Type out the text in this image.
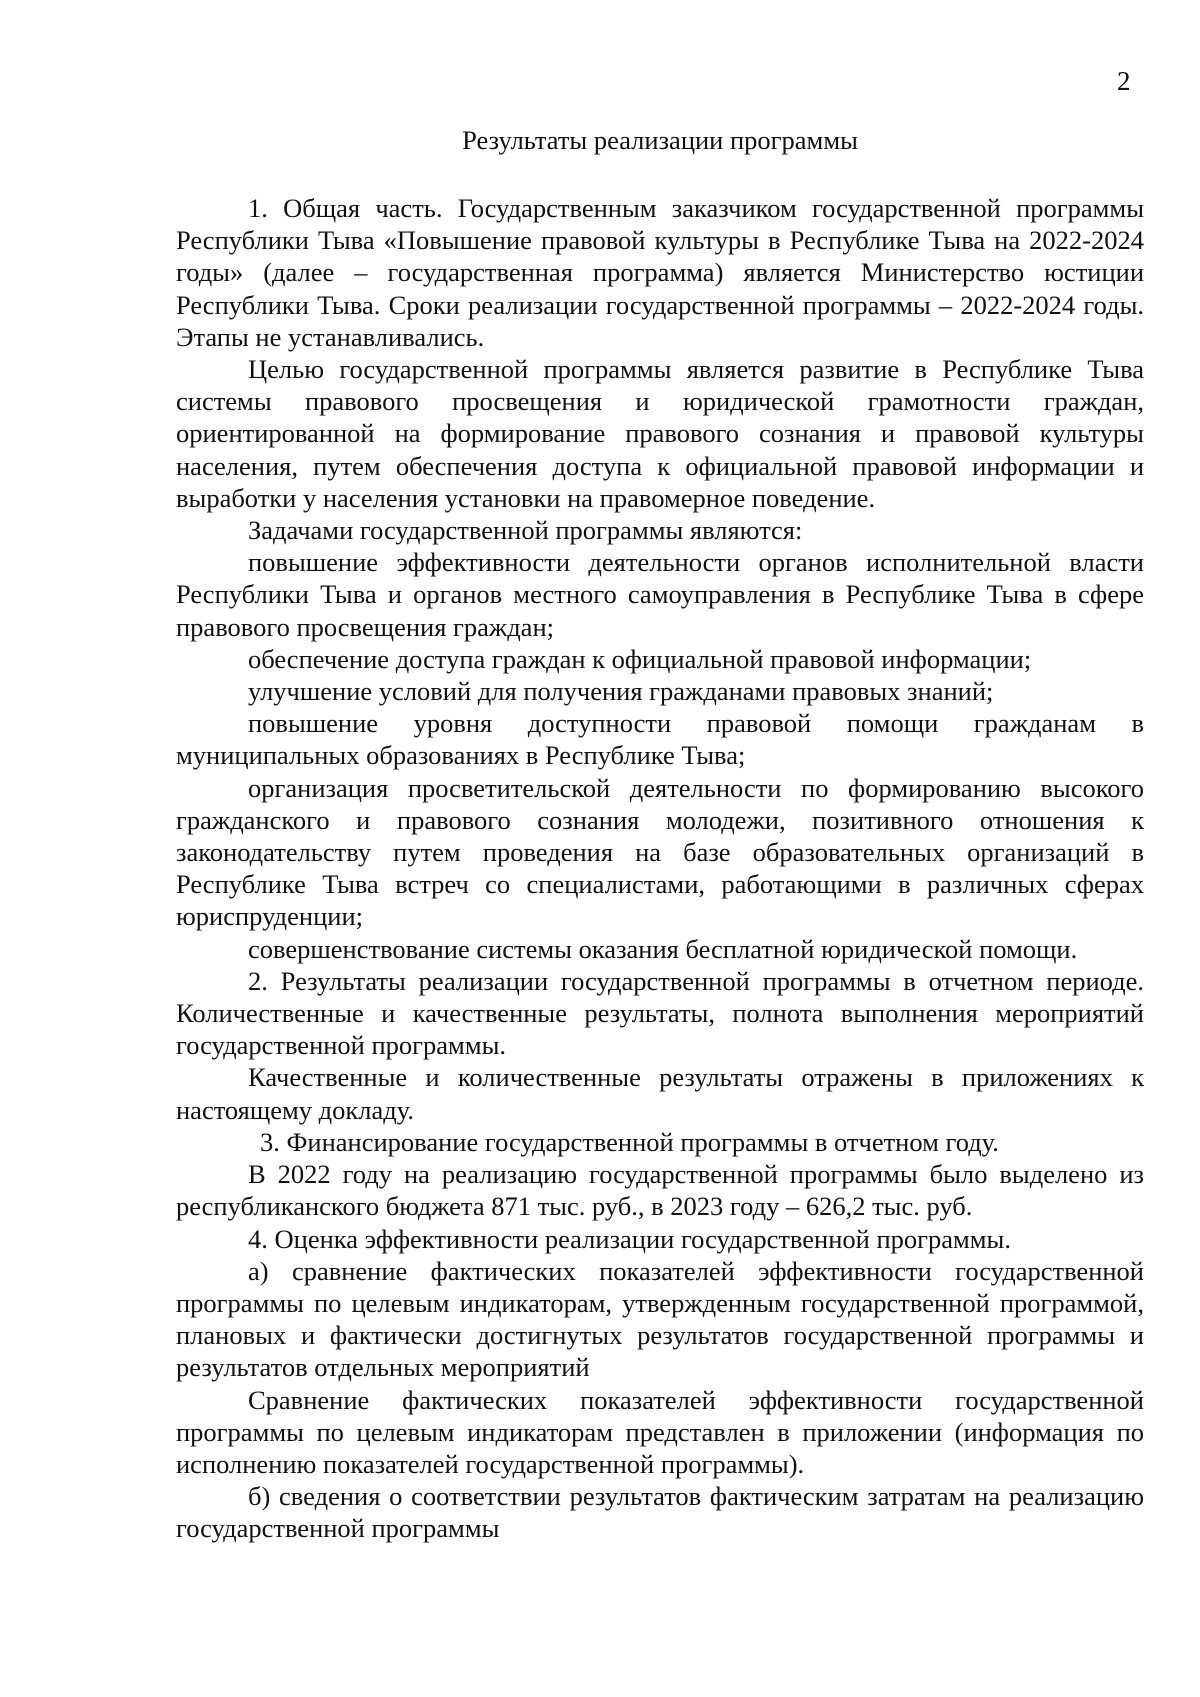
2
Результаты реализации программы

1. Общая часть. Государственным заказчиком государственной программы Республики Тыва «Повышение правовой культуры в Республике Тыва на 2022-2024 годы» (далее – государственная программа) является Министерство юстиции Республики Тыва. Сроки реализации государственной программы – 2022-2024 годы. Этапы не устанавливались.

Целью государственной программы является развитие в Республике Тыва системы правового просвещения и юридической грамотности граждан, ориентированной на формирование правового сознания и правовой культуры населения, путем обеспечения доступа к официальной правовой информации и выработки у населения установки на правомерное поведение.

Задачами государственной программы являются:

повышение эффективности деятельности органов исполнительной власти Республики Тыва и органов местного самоуправления в Республике Тыва в сфере правового просвещения граждан;

обеспечение доступа граждан к официальной правовой информации;

улучшение условий для получения гражданами правовых знаний;

повышение уровня доступности правовой помощи гражданам в муниципальных образованиях в Республике Тыва;

организация просветительской деятельности по формированию высокого гражданского и правового сознания молодежи, позитивного отношения к законодательству путем проведения на базе образовательных организаций в Республике Тыва встреч со специалистами, работающими в различных сферах юриспруденции;

совершенствование системы оказания бесплатной юридической помощи.

2. Результаты реализации государственной программы в отчетном периоде. Количественные и качественные результаты, полнота выполнения мероприятий государственной программы.

Качественные и количественные результаты отражены в приложениях к настоящему докладу.

3. Финансирование государственной программы в отчетном году.

В 2022 году на реализацию государственной программы было выделено из республиканского бюджета 871 тыс. руб., в 2023 году – 626,2 тыс. руб.

4. Оценка эффективности реализации государственной программы.

а) сравнение фактических показателей эффективности государственной программы по целевым индикаторам, утвержденным государственной программой, плановых и фактически достигнутых результатов государственной программы и результатов отдельных мероприятий

Сравнение фактических показателей эффективности государственной программы по целевым индикаторам представлен в приложении (информация по исполнению показателей государственной программы).

б) сведения о соответствии результатов фактическим затратам на реализацию государственной программы
